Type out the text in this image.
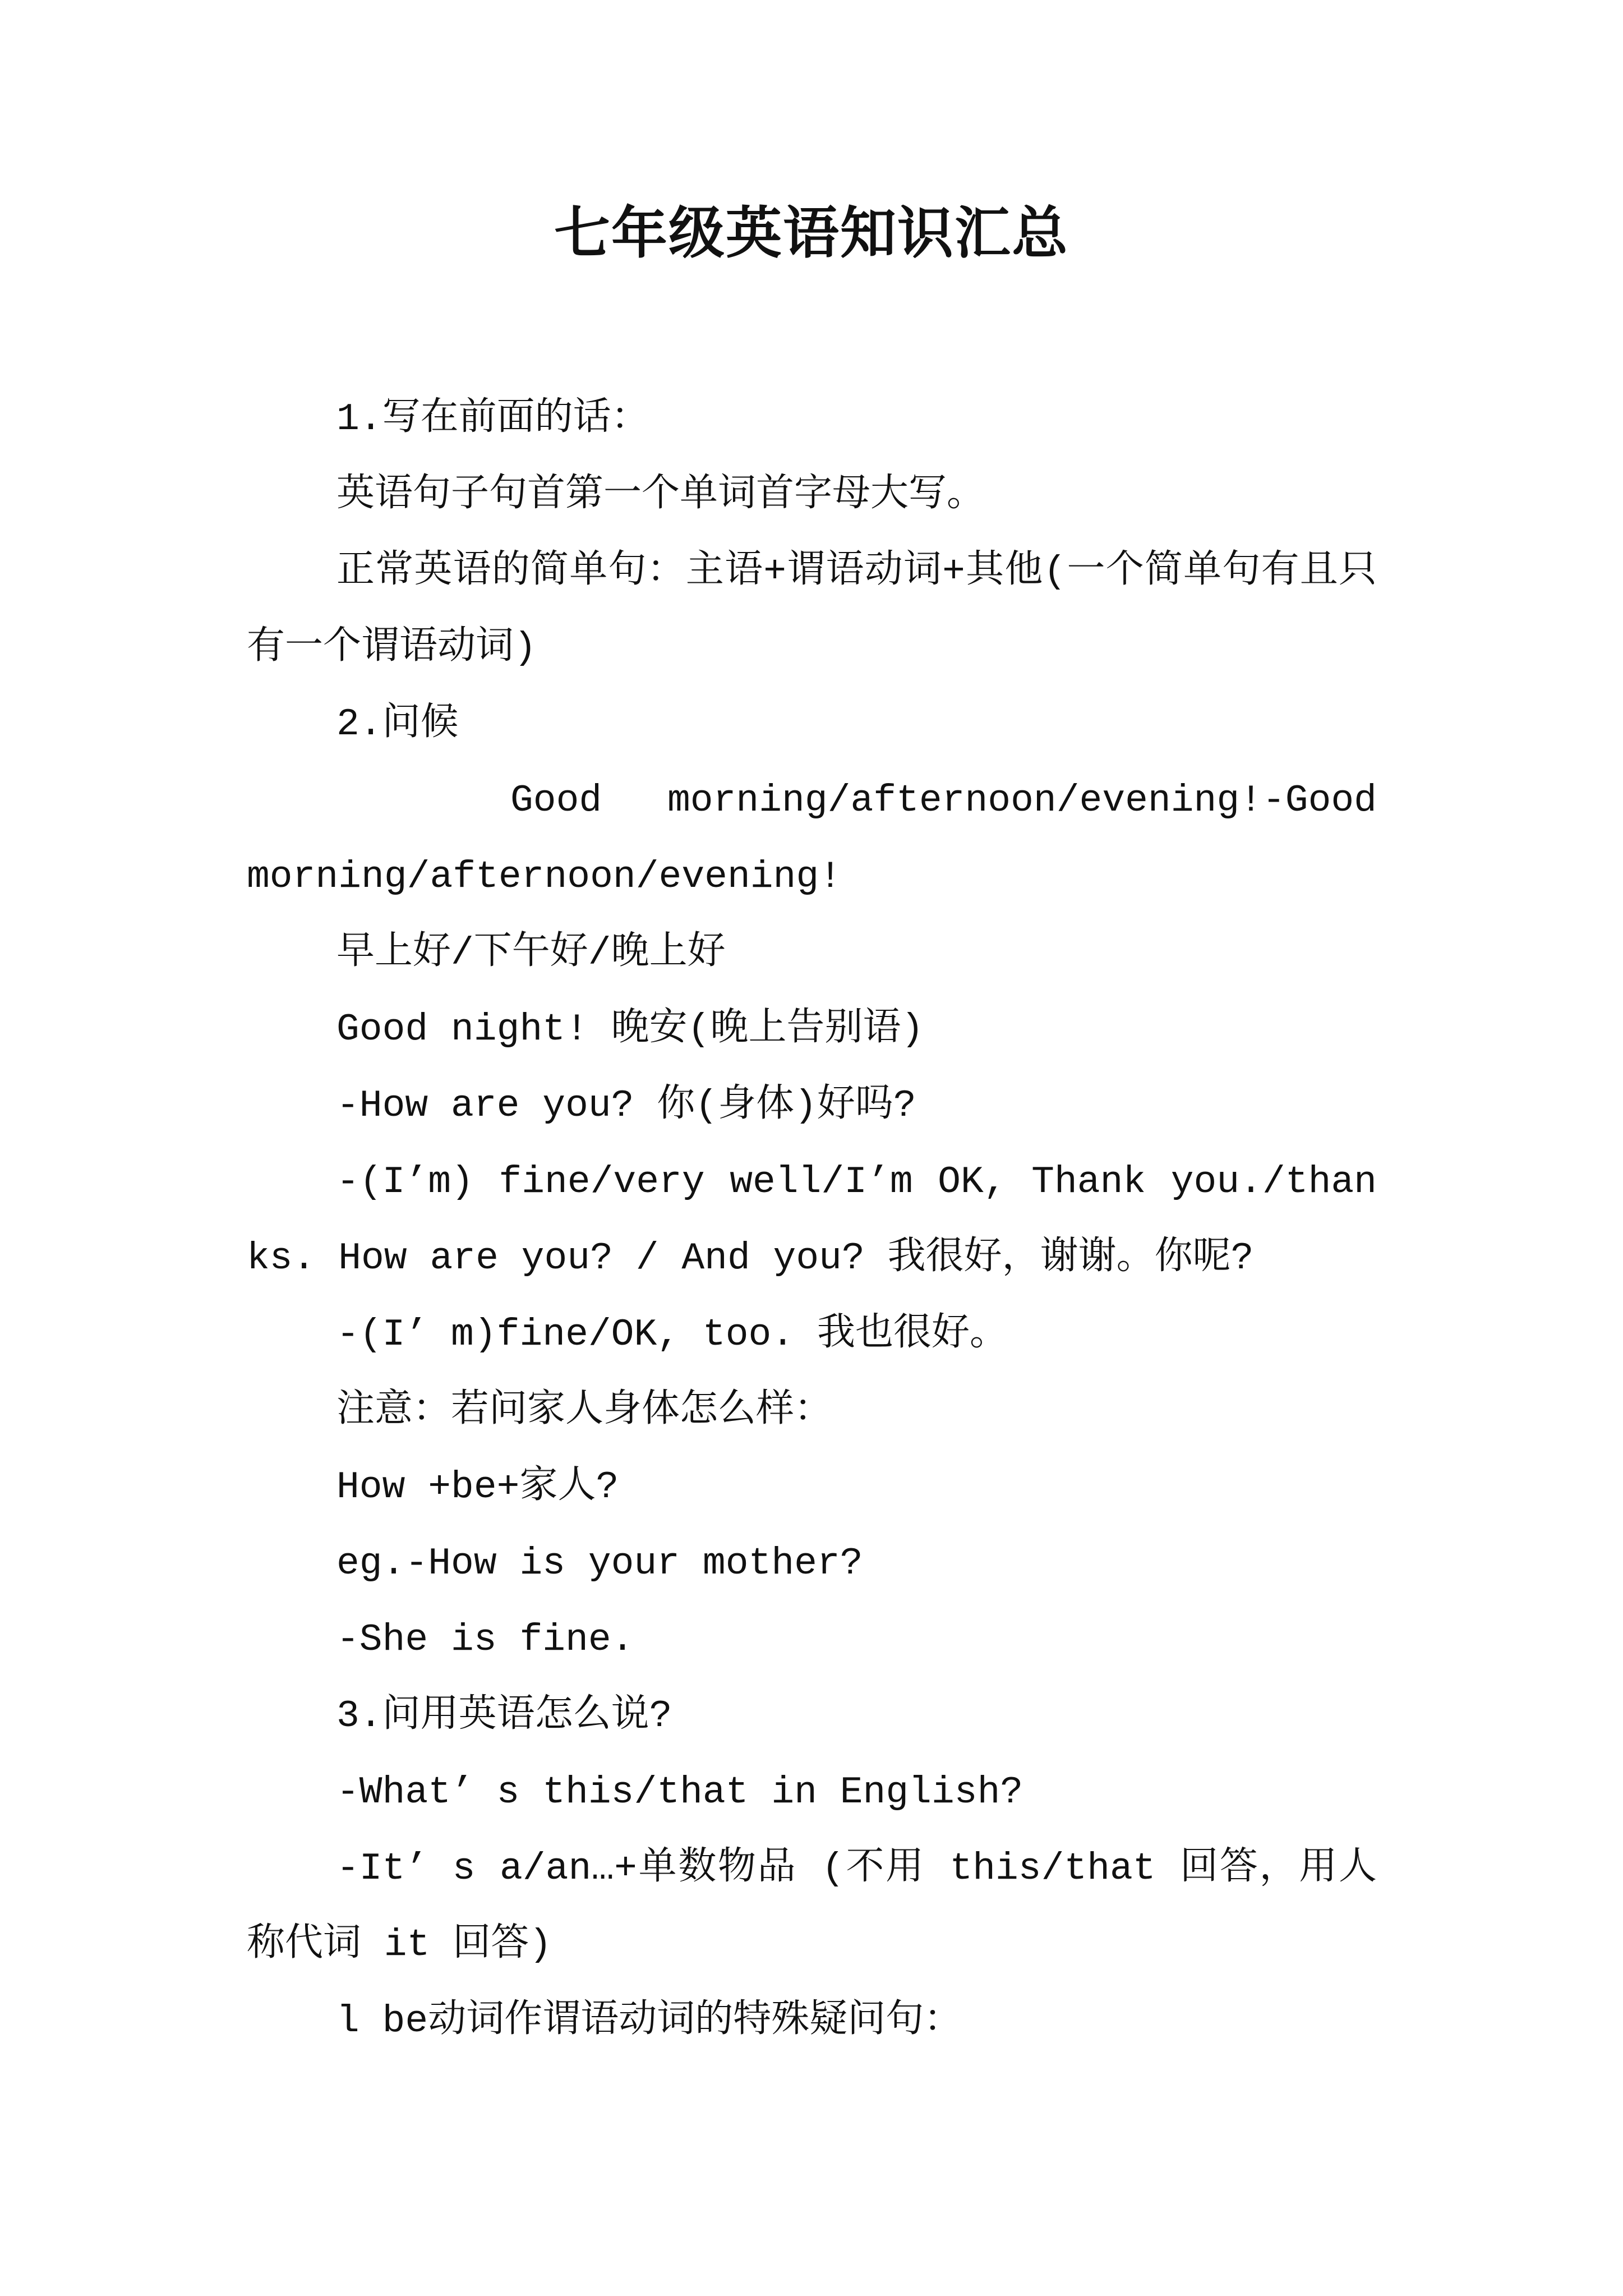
七年级英语知识汇总

1.写在前面的话：

英语句子句首第一个单词首字母大写。

正常英语的简单句：主语+谓语动词+其他(一个简单句有且只有一个谓语动词)

2.问候

Good morning/afternoon/evening!-Good morning/afternoon/evening!

早上好/下午好/晚上好

Good night! 晚安(晚上告别语)

-How are you? 你(身体)好吗?

-(I’m) fine/very well/I’m OK, Thank you./thanks. How are you? / And you? 我很好，谢谢。你呢?

-(I’ m)fine/OK, too. 我也很好。

注意：若问家人身体怎么样：

How +be+家人?

eg.-How is your mother?

-She is fine.

3.问用英语怎么说?

-What’ s this/that in English?

-It’ s a/an…+单数物品 (不用 this/that 回答，用人称代词 it 回答)

l be动词作谓语动词的特殊疑问句：
